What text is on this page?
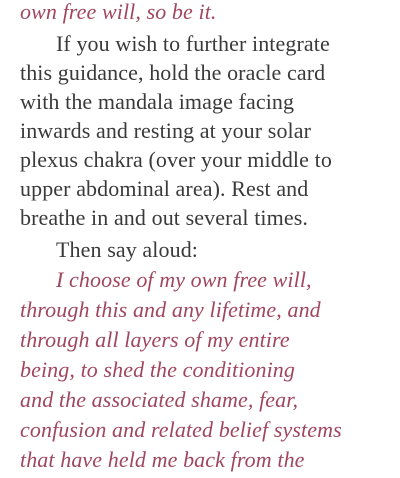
own free will, so be it.
If you wish to further integrate
this guidance, hold the oracle card
with the mandala image facing
inwards and resting at your solar
plexus chakra (over your middle to
upper abdominal area). Rest and
breathe in and out several times.
Then say aloud:
I choose of my own free will,
through this and any lifetime, and
through all layers of my entire
being, to shed the conditioning
and the associated shame, fear,
confusion and related belief systems
that have held me back from the
